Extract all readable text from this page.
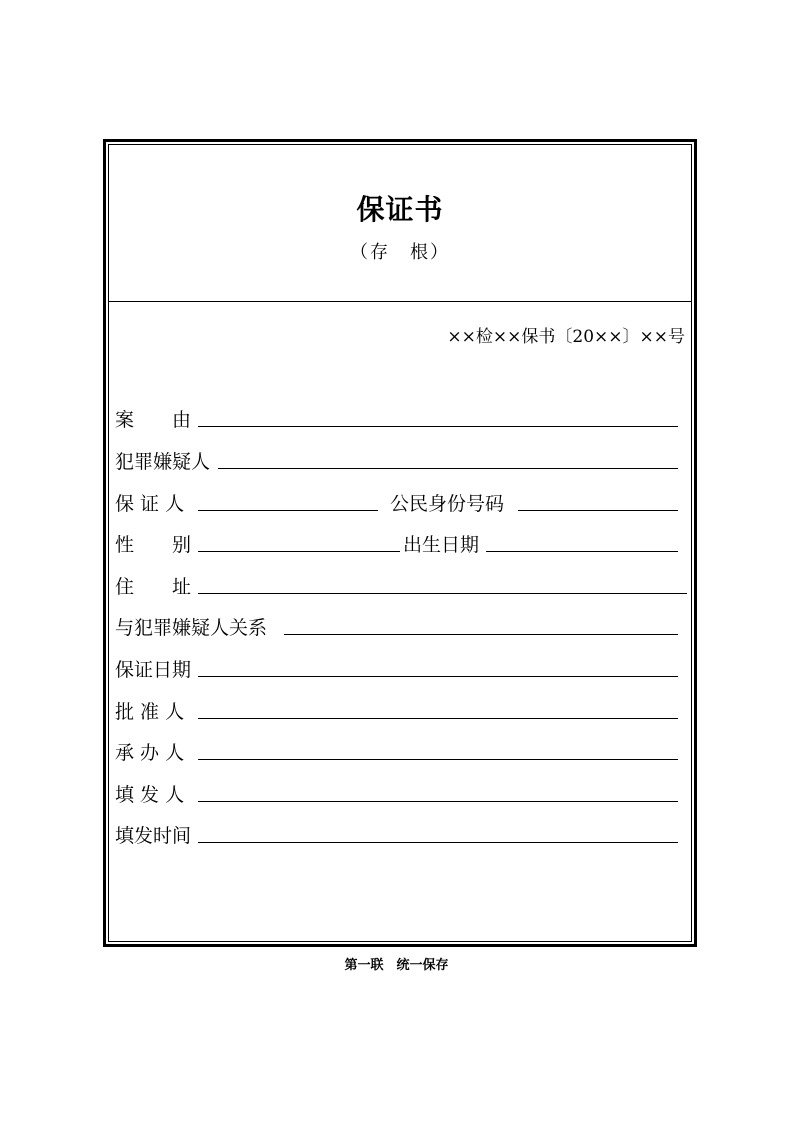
保证书
（存　根）
××检××保书〔20××〕××号
案　　由
犯罪嫌疑人
保 证 人	公民身份号码
性　　别	出生日期
住　　址
与犯罪嫌疑人关系
保证日期
批 准 人
承 办 人
填 发 人
填发时间
第一联　统一保存
